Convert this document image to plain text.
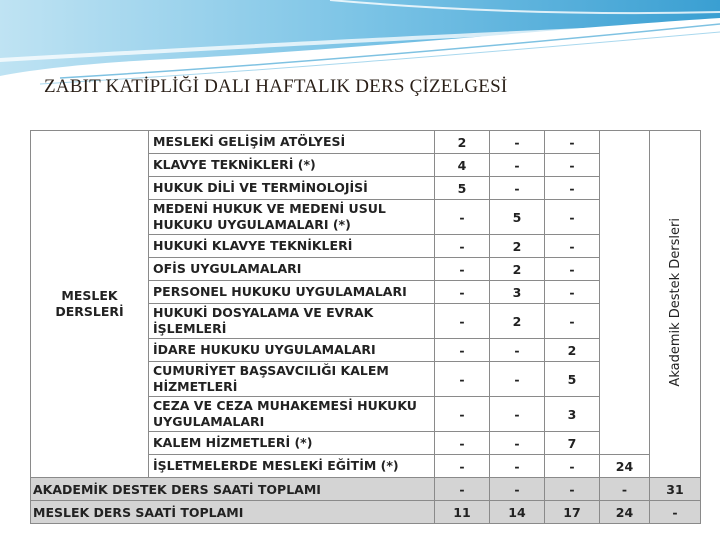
ZABIT KATİPLİĞİ DALI HAFTALIK DERS ÇİZELGESİ
MESLEK DERSLERİ	MESLEKİ GELİŞİM ATÖLYESİ	2	-	-		Akademik Destek Dersleri
	KLAVYE TEKNİKLERİ (*)	4	-	-		
	HUKUK DİLİ VE TERMİNOLOJİSİ	5	-	-		
	MEDENİ HUKUK VE MEDENİ USUL HUKUKU UYGULAMALARI (*)	-	5	-		
	HUKUKİ KLAVYE TEKNİKLERİ	-	2	-		
	OFİS UYGULAMALARI	-	2	-		
	PERSONEL HUKUKU UYGULAMALARI	-	3	-		
	HUKUKİ DOSYALAMA VE EVRAK İŞLEMLERİ	-	2	-		
	İDARE HUKUKU UYGULAMALARI	-	-	2		
	CUMURİYET BAŞSAVCILIĞI KALEM HİZMETLERİ	-	-	5		
	CEZA VE CEZA MUHAKEMESİ HUKUKU UYGULAMALARI	-	-	3		
	KALEM HİZMETLERİ (*)	-	-	7		
	İŞLETMELERDE MESLEKİ EĞİTİM (*)	-	-	-	24	
AKADEMİK DESTEK DERS SAATİ TOPLAMI		-	-	-	-	31
MESLEK DERS SAATİ TOPLAMI		11	14	17	24	-
